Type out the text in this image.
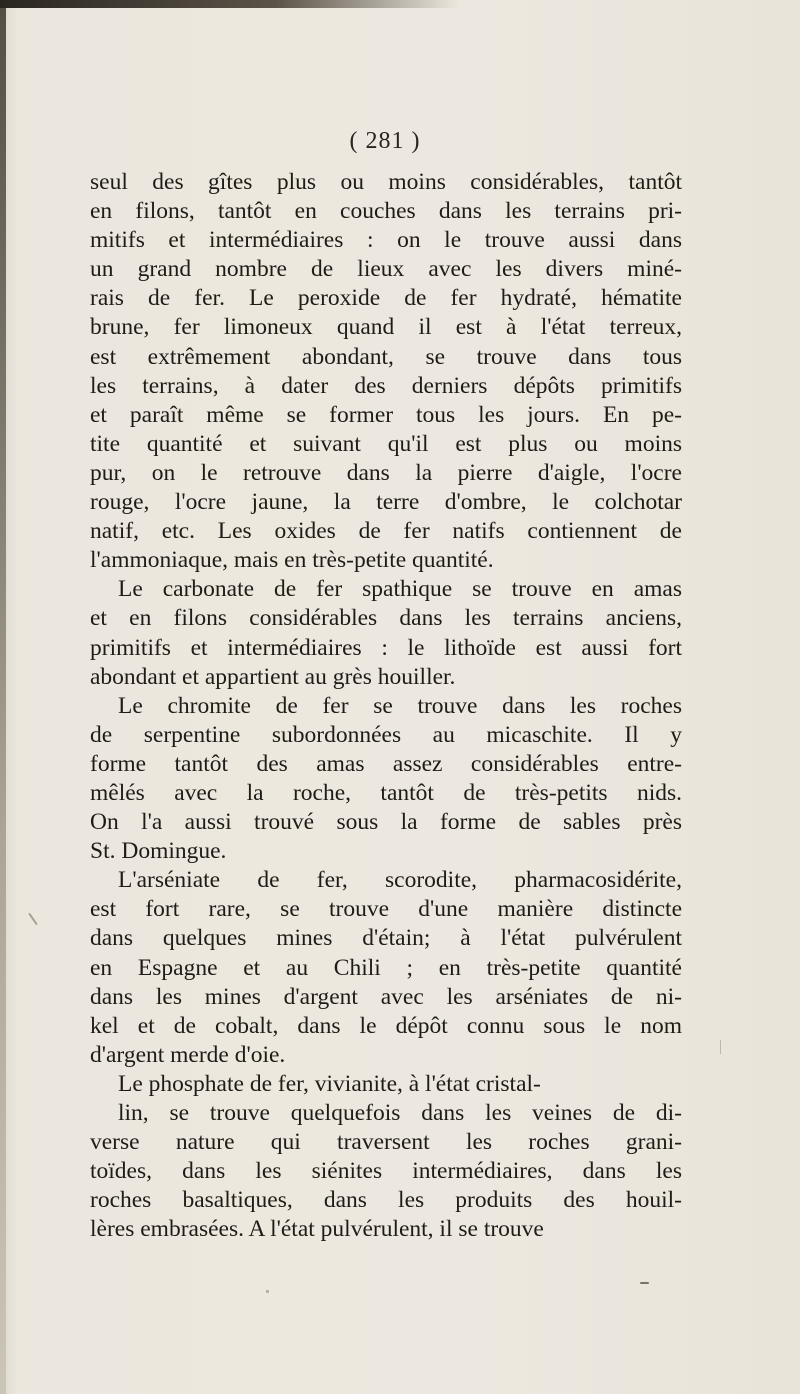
( 281 )
seul des gîtes plus ou moins considérables, tantôt
en filons, tantôt en couches dans les terrains pri-
mitifs et intermédiaires : on le trouve aussi dans
un grand nombre de lieux avec les divers miné-
rais de fer. Le peroxide de fer hydraté, hématite
brune, fer limoneux quand il est à l'état terreux,
est extrêmement abondant, se trouve dans tous
les terrains, à dater des derniers dépôts primitifs
et paraît même se former tous les jours. En pe-
tite quantité et suivant qu'il est plus ou moins
pur, on le retrouve dans la pierre d'aigle, l'ocre
rouge, l'ocre jaune, la terre d'ombre, le colchotar
natif, etc. Les oxides de fer natifs contiennent de
l'ammoniaque, mais en très-petite quantité.
Le carbonate de fer spathique se trouve en amas
et en filons considérables dans les terrains anciens,
primitifs et intermédiaires : le lithoïde est aussi fort
abondant et appartient au grès houiller.
Le chromite de fer se trouve dans les roches
de serpentine subordonnées au micaschite. Il y
forme tantôt des amas assez considérables entre-
mêlés avec la roche, tantôt de très-petits nids.
On l'a aussi trouvé sous la forme de sables près
St. Domingue.
L'arséniate de fer, scorodite, pharmacosidérite,
est fort rare, se trouve d'une manière distincte
dans quelques mines d'étain; à l'état pulvérulent
en Espagne et au Chili ; en très-petite quantité
dans les mines d'argent avec les arséniates de ni-
kel et de cobalt, dans le dépôt connu sous le nom
d'argent merde d'oie.
Le phosphate de fer, vivianite, à l'état cristal-
lin, se trouve quelquefois dans les veines de di-
verse nature qui traversent les roches grani-
toïdes, dans les siénites intermédiaires, dans les
roches basaltiques, dans les produits des houil-
lères embrasées. A l'état pulvérulent, il se trouve
